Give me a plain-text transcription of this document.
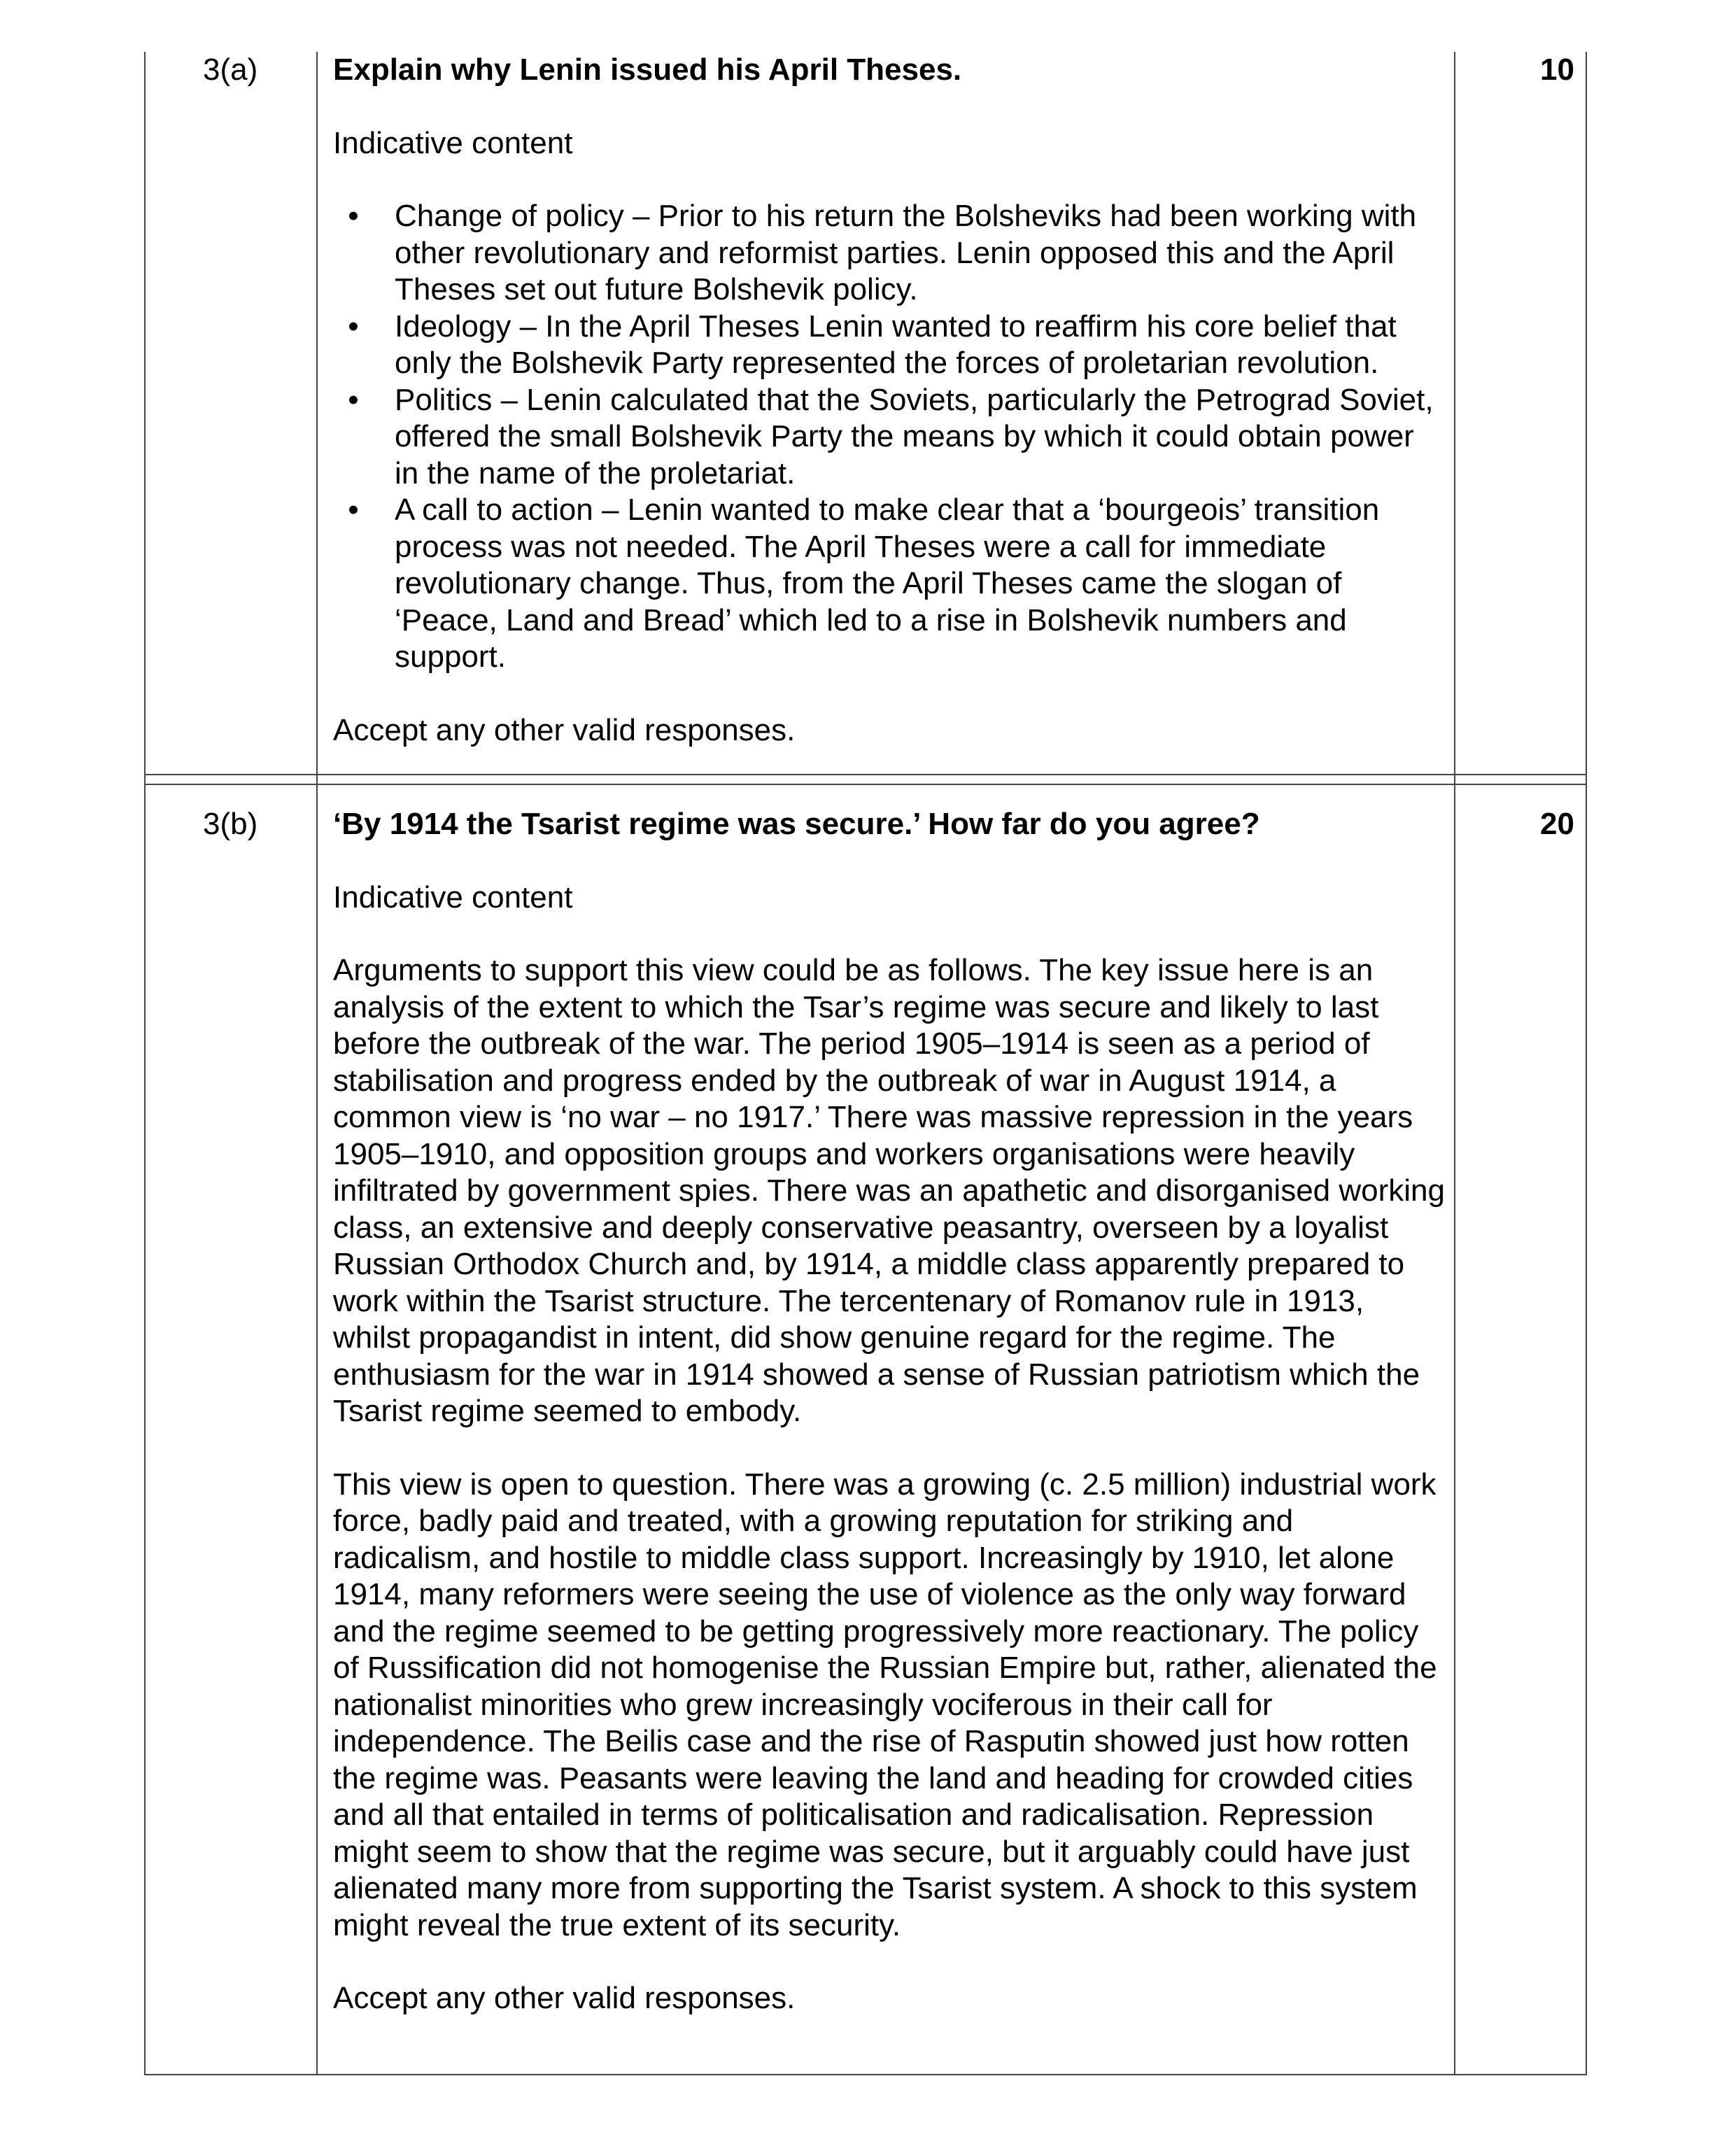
3(a) Explain why Lenin issued his April Theses.

Indicative content

• Change of policy – Prior to his return the Bolsheviks had been working with other revolutionary and reformist parties. Lenin opposed this and the April Theses set out future Bolshevik policy.
• Ideology – In the April Theses Lenin wanted to reaffirm his core belief that only the Bolshevik Party represented the forces of proletarian revolution.
• Politics – Lenin calculated that the Soviets, particularly the Petrograd Soviet, offered the small Bolshevik Party the means by which it could obtain power in the name of the proletariat.
• A call to action – Lenin wanted to make clear that a ‘bourgeois’ transition process was not needed. The April Theses were a call for immediate revolutionary change. Thus, from the April Theses came the slogan of ‘Peace, Land and Bread’ which led to a rise in Bolshevik numbers and support.

Accept any other valid responses.

10
3(b) ‘By 1914 the Tsarist regime was secure.’ How far do you agree?

Indicative content

Arguments to support this view could be as follows. The key issue here is an analysis of the extent to which the Tsar’s regime was secure and likely to last before the outbreak of the war. The period 1905–1914 is seen as a period of stabilisation and progress ended by the outbreak of war in August 1914, a common view is ‘no war – no 1917.’ There was massive repression in the years 1905–1910, and opposition groups and workers organisations were heavily infiltrated by government spies. There was an apathetic and disorganised working class, an extensive and deeply conservative peasantry, overseen by a loyalist Russian Orthodox Church and, by 1914, a middle class apparently prepared to work within the Tsarist structure. The tercentenary of Romanov rule in 1913, whilst propagandist in intent, did show genuine regard for the regime. The enthusiasm for the war in 1914 showed a sense of Russian patriotism which the Tsarist regime seemed to embody.

This view is open to question. There was a growing (c. 2.5 million) industrial work force, badly paid and treated, with a growing reputation for striking and radicalism, and hostile to middle class support. Increasingly by 1910, let alone 1914, many reformers were seeing the use of violence as the only way forward and the regime seemed to be getting progressively more reactionary. The policy of Russification did not homogenise the Russian Empire but, rather, alienated the nationalist minorities who grew increasingly vociferous in their call for independence. The Beilis case and the rise of Rasputin showed just how rotten the regime was. Peasants were leaving the land and heading for crowded cities and all that entailed in terms of politicalisation and radicalisation. Repression might seem to show that the regime was secure, but it arguably could have just alienated many more from supporting the Tsarist system. A shock to this system might reveal the true extent of its security.

Accept any other valid responses.

20
